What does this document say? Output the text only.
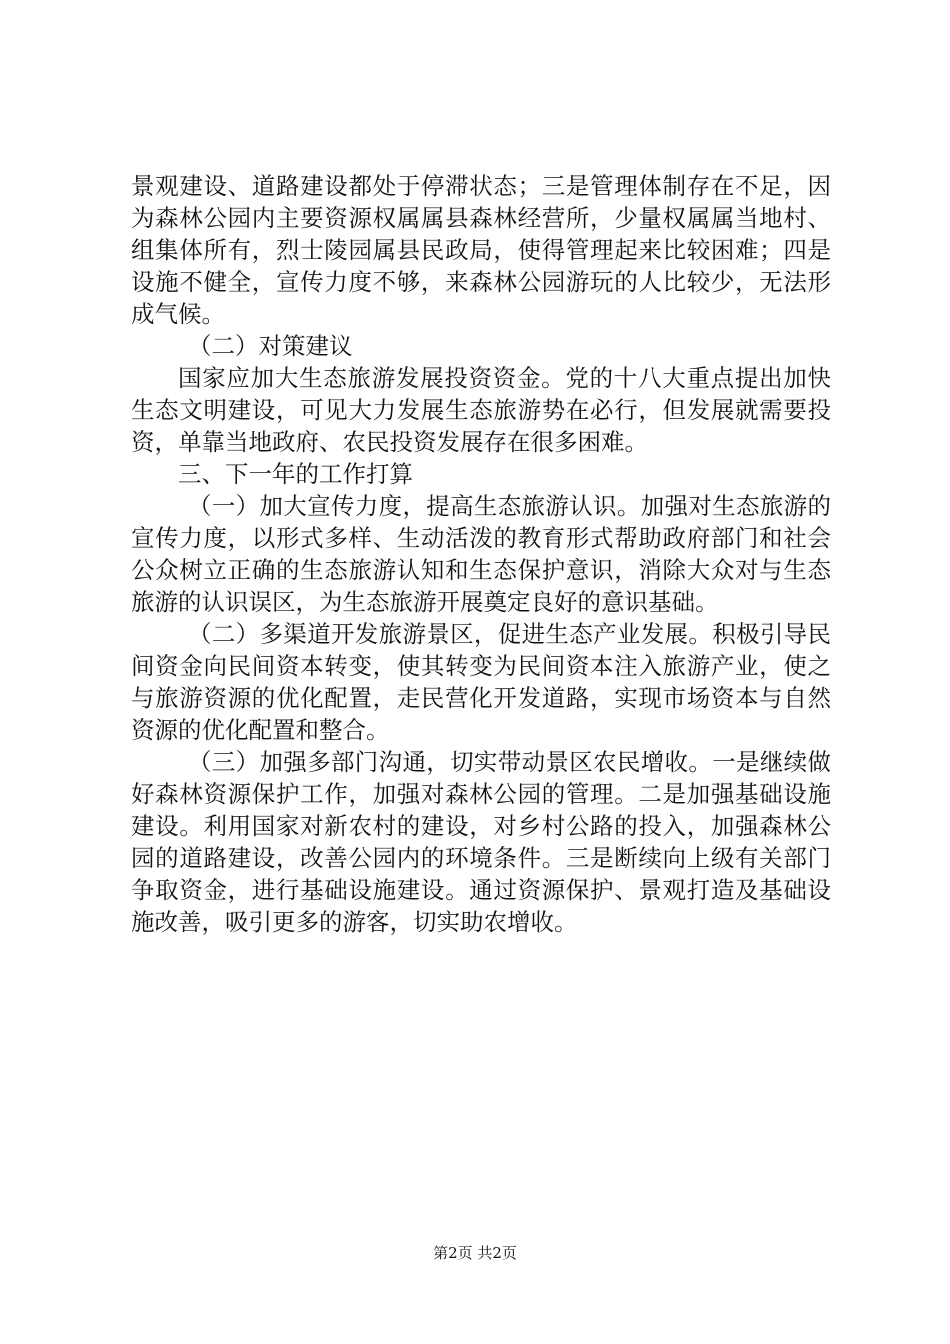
景观建设、道路建设都处于停滞状态；三是管理体制存在不足，因为森林公园内主要资源权属属县森林经营所，少量权属属当地村、组集体所有，烈士陵园属县民政局，使得管理起来比较困难；四是设施不健全，宣传力度不够，来森林公园游玩的人比较少，无法形成气候。

（二）对策建议

国家应加大生态旅游发展投资资金。党的十八大重点提出加快生态文明建设，可见大力发展生态旅游势在必行，但发展就需要投资，单靠当地政府、农民投资发展存在很多困难。

三、下一年的工作打算

（一）加大宣传力度，提高生态旅游认识。加强对生态旅游的宣传力度，以形式多样、生动活泼的教育形式帮助政府部门和社会公众树立正确的生态旅游认知和生态保护意识，消除大众对与生态旅游的认识误区，为生态旅游开展奠定良好的意识基础。

（二）多渠道开发旅游景区，促进生态产业发展。积极引导民间资金向民间资本转变，使其转变为民间资本注入旅游产业，使之与旅游资源的优化配置，走民营化开发道路，实现市场资本与自然资源的优化配置和整合。

（三）加强多部门沟通，切实带动景区农民增收。一是继续做好森林资源保护工作，加强对森林公园的管理。二是加强基础设施建设。利用国家对新农村的建设，对乡村公路的投入，加强森林公园的道路建设，改善公园内的环境条件。三是断续向上级有关部门争取资金，进行基础设施建设。通过资源保护、景观打造及基础设施改善，吸引更多的游客，切实助农增收。

第2页 共2页
